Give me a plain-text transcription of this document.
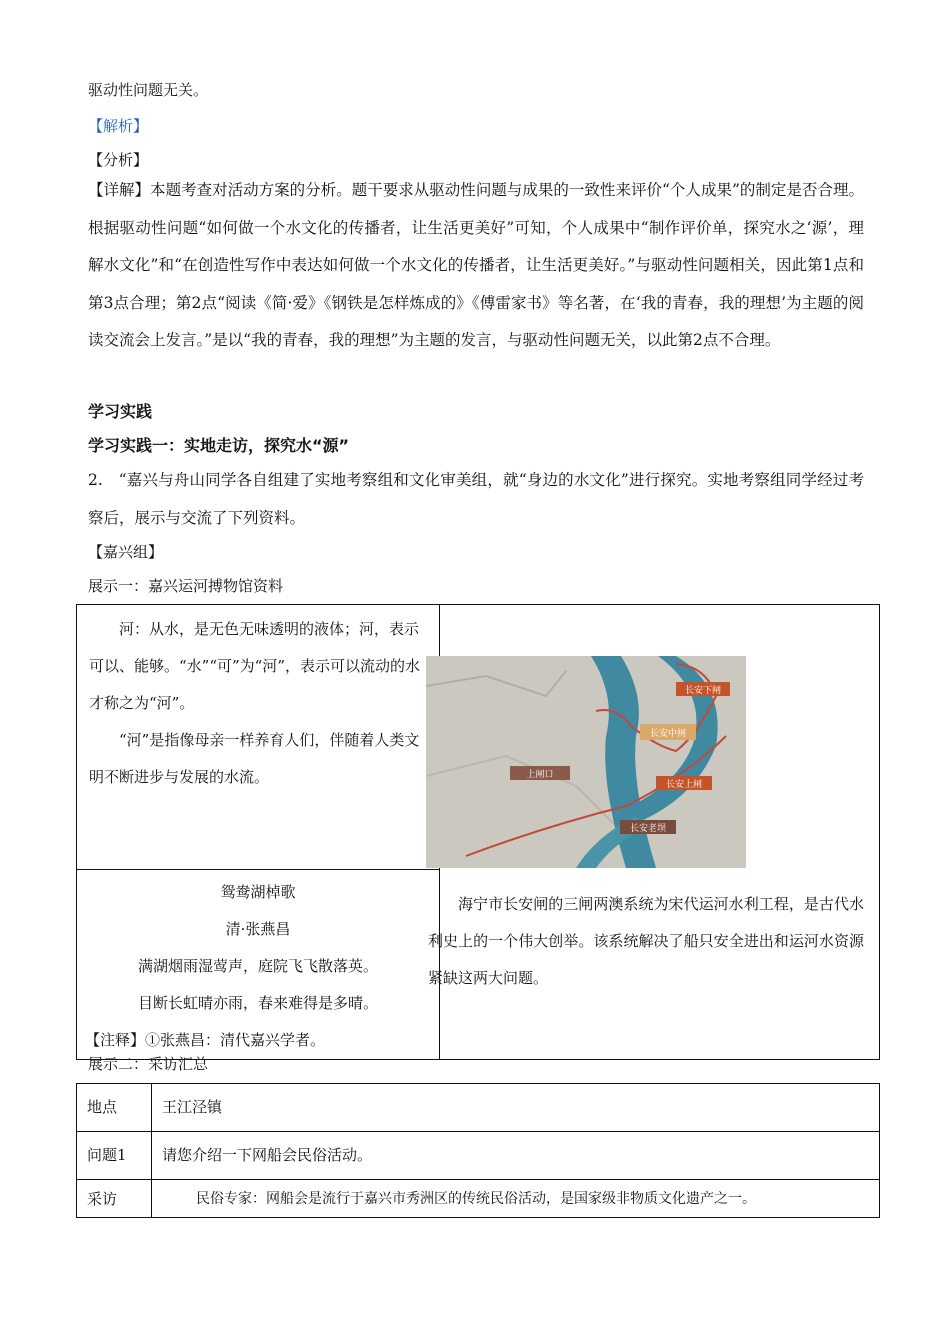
驱动性问题无关。
【解析】
【分析】
【详解】本题考查对活动方案的分析。题干要求从驱动性问题与成果的一致性来评价“个人成果”的制定是否合理。根据驱动性问题“如何做一个水文化的传播者，让生活更美好”可知，个人成果中“制作评价单，探究水之‘源’，理解水文化”和“在创造性写作中表达如何做一个水文化的传播者，让生活更美好。”与驱动性问题相关，因此第1点和第3点合理；第2点“阅读《简·爱》《钢铁是怎样炼成的》《傅雷家书》等名著，在‘我的青春，我的理想’为主题的阅读交流会上发言。”是以“我的青春，我的理想”为主题的发言，与驱动性问题无关，以此第2点不合理。
学习实践
学习实践一：实地走访，探究水“源”
2.　“嘉兴与舟山同学各自组建了实地考察组和文化审美组，就“身边的水文化”进行探究。实地考察组同学经过考察后，展示与交流了下列资料。
【嘉兴组】
展示一：嘉兴运河搏物馆资料
河：从水，是无色无味透明的液体；河，表示可以、能够。“水”“可”为“河”，表示可以流动的水才称之为“河”。
“河”是指像母亲一样养育人们，伴随着人类文明不断进步与发展的水流。

鸳鸯湖棹歌
清·张燕昌
满湖烟雨湿莺声，庭院飞飞散落英。
目断长虹晴亦雨，春来难得是多晴。
【注释】①张燕昌：清代嘉兴学者。
长安下闸
长安中闸
上闸口
长安上闸
长安老坝
海宁市长安闸的三闸两澳系统为宋代运河水利工程，是古代水利史上的一个伟大创举。该系统解决了船只安全进出和运河水资源紧缺这两大问题。
展示二：采访汇总
地点	王江泾镇
问题1	请您介绍一下网船会民俗活动。
采访	民俗专家：网船会是流行于嘉兴市秀洲区的传统民俗活动，是国家级非物质文化遗产之一。
